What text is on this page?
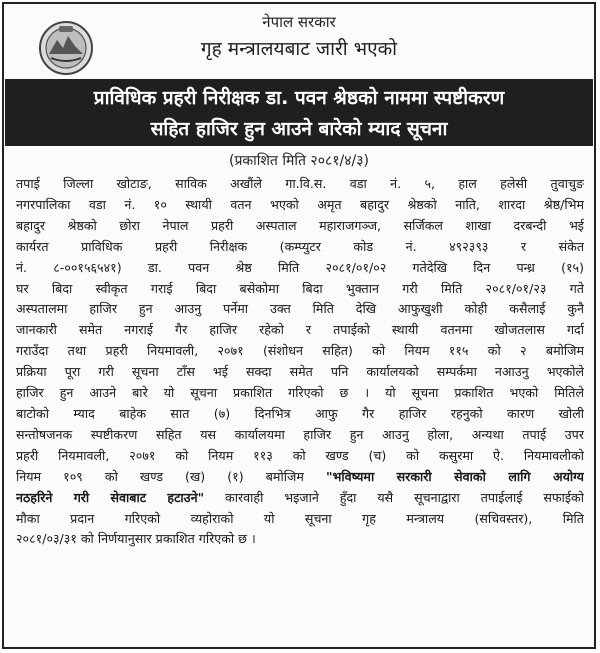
नेपाल सरकार
गृह मन्त्रालयबाट जारी भएको
प्राविधिक प्रहरी निरीक्षक डा. पवन श्रेष्ठको नाममा स्पष्टीकरण
सहित हाजिर हुन आउने बारेको म्याद सूचना
(प्रकाशित मिति २०८१/४/३)
तपाई जिल्ला खोटाङ, साविक अखौंले गा.वि.स. वडा नं. ५, हाल हलेसी तुवाचुङ
नगरपालिका वडा नं. १० स्थायी वतन भएको अमृत बहादुर श्रेष्ठको नाति, शारदा श्रेष्ठ/भिम
बहादुर श्रेष्ठको छोरा नेपाल प्रहरी अस्पताल महाराजगञ्ज, सर्जिकल शाखा दरबन्दी भई
कार्यरत प्राविधिक प्रहरी निरीक्षक (कम्प्युटर कोड नं. ४९२३९३ र संकेत
नं. ८-००१५६५४१) डा. पवन श्रेष्ठ मिति २०८१/०१/०२ गतेदेखि दिन पन्ध्र (१५)
घर बिदा स्वीकृत गराई बिदा बसेकोमा बिदा भुक्तान गरी मिति २०८१/०१/२३ गते
अस्पतालमा हाजिर हुन आउनु पर्नेमा उक्त मिति देखि आफुखुशी कोही कसैलाई कुनै
जानकारी समेत नगराई गैर हाजिर रहेको र तपाईको स्थायी वतनमा खोजतलास गर्दा
गराउँदा तथा प्रहरी नियमावली, २०७१ (संशोधन सहित) को नियम ११५ को २ बमोजिम
प्रक्रिया पूरा गरी सूचना टाँस भई सक्दा समेत पनि कार्यालयको सम्पर्कमा नआउनु भएकोले
हाजिर हुन आउने बारे यो सूचना प्रकाशित गरिएको छ । यो सूचना प्रकाशित भएको मितिले
बाटोको म्याद बाहेक सात (७) दिनभित्र आफु गैर हाजिर रहनुको कारण खोली
सन्तोषजनक स्पष्टीकरण सहित यस कार्यालयमा हाजिर हुन आउनु होला, अन्यथा तपाई उपर
प्रहरी नियमावली, २०७१ को नियम ११३ को खण्ड (च) को कसुरमा ऐ. नियमावलीको
नियम १०९ को खण्ड (ख) (१) बमोजिम "भविष्यमा सरकारी सेवाको लागि अयोग्य
नठहरिने गरी सेवाबाट हटाउने" कारवाही भइजाने हुँदा यसै सूचनाद्वारा तपाईलाई सफाईको
मौका प्रदान गरिएको व्यहोराको यो सूचना गृह मन्त्रालय (सचिवस्तर), मिति
२०८१/०३/३१ को निर्णयानुसार प्रकाशित गरिएको छ ।
